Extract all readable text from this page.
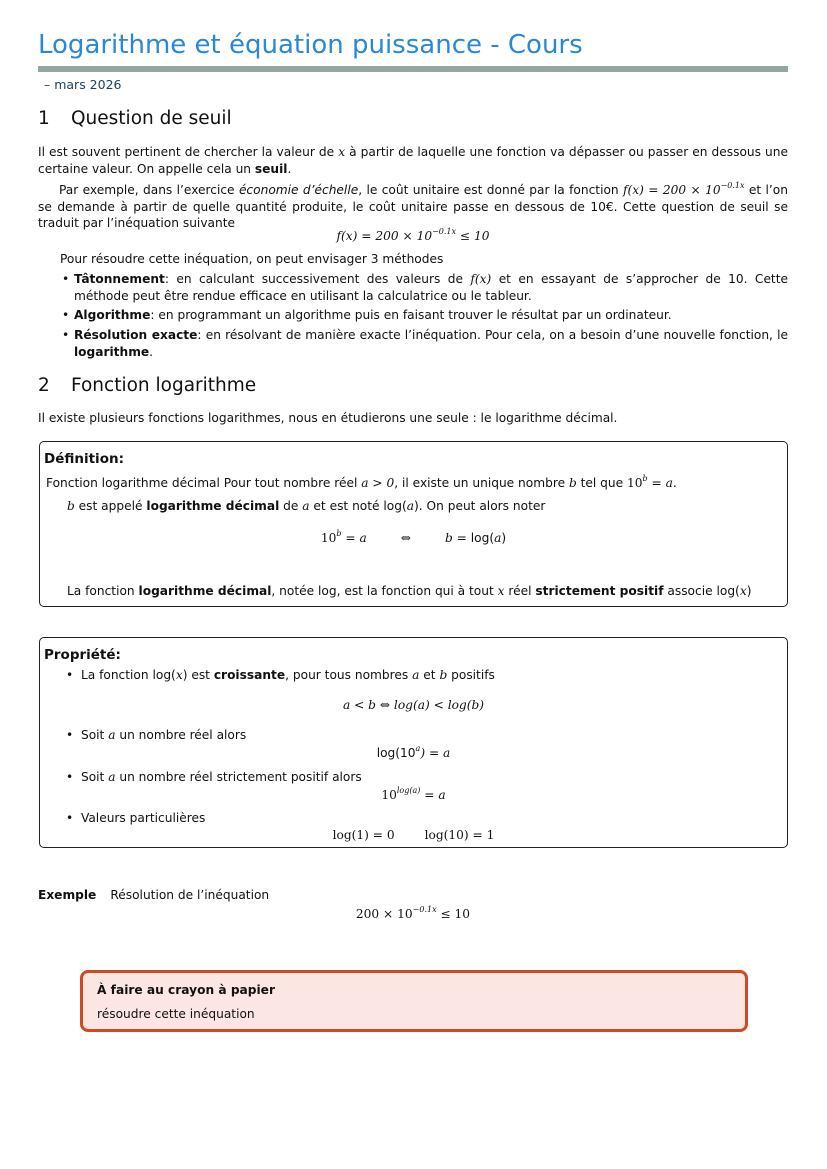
Logarithme et équation puissance - Cours
– mars 2026
1 Question de seuil
Il est souvent pertinent de chercher la valeur de x à partir de laquelle une fonction va dépasser ou passer en dessous une certaine valeur. On appelle cela un seuil.
Par exemple, dans l’exercice économie d’échelle, le coût unitaire est donné par la fonction $f(x) = 200 \times 10^{-0.1x}$ et l’on se demande à partir de quelle quantité produite, le coût unitaire passe en dessous de 10€. Cette question de seuil se traduit par l’inéquation suivante
$f(x) = 200 \times 10^{-0.1x} \le 10$
Pour résoudre cette inéquation, on peut envisager 3 méthodes
• Tâtonnement: en calculant successivement des valeurs de f(x) et en essayant de s’approcher de 10. Cette méthode peut être rendue efficace en utilisant la calculatrice ou le tableur.
• Algorithme: en programmant un algorithme puis en faisant trouver le résultat par un ordinateur.
• Résolution exacte: en résolvant de manière exacte l’inéquation. Pour cela, on a besoin d’une nouvelle fonction, le logarithme.
2 Fonction logarithme
Il existe plusieurs fonctions logarithmes, nous en étudierons une seule : le logarithme décimal.
Définition:
Fonction logarithme décimal Pour tout nombre réel a > 0, il existe un unique nombre b tel que $10^b = a$.
b est appelé logarithme décimal de a et est noté log(a). On peut alors noter
$10^b = a$	⇔	b = log(a)
La fonction logarithme décimal, notée log, est la fonction qui à tout x réel strictement positif associe log(x)
Propriété:
• La fonction log(x) est croissante, pour tous nombres a et b positifs
a < b ⇔ log(a) < log(b)
• Soit a un nombre réel alors
$\log(10^a) = a$
• Soit a un nombre réel strictement positif alors
$10^{log(a)} = a$
• Valeurs particulières
log(1) = 0 log(10) = 1
Exemple Résolution de l’inéquation
$200 \times 10^{-0.1x} \le 10$
À faire au crayon à papier
résoudre cette inéquation
